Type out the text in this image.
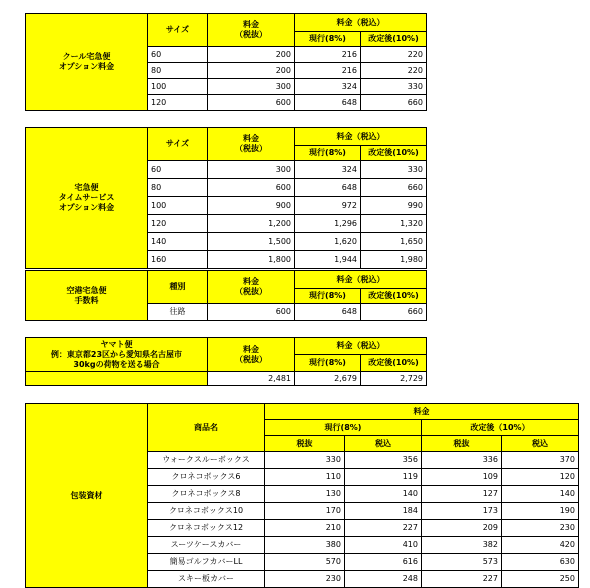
クール宅急便
オプション料金	サイズ	料金
（税抜）	料金（税込）	
			現行(8%)	改定後(10%)
	60	200	216	220
	80	200	216	220
	100	300	324	330
	120	600	648	660
宅急便
タイムサービス
オプション料金	サイズ	料金
（税抜）	料金（税込）	
			現行(8%)	改定後(10%)
	60	300	324	330
	80	600	648	660
	100	900	972	990
	120	1,200	1,296	1,320
	140	1,500	1,620	1,650
	160	1,800	1,944	1,980
空港宅急便
手数料	種別	料金
（税抜）	料金（税込）	
			現行(8%)	改定後(10%)
	往路	600	648	660
ヤマト便
例：東京都23区から愛知県名古屋市
30kgの荷物を送る場合	料金
（税抜）	料金（税込）	
		現行(8%)	改定後(10%)
	2,481	2,679	2,729
包装資材	商品名	料金			
		現行(8%)		改定後（10%）	
		税抜	税込	税抜	税込
	ウォークスルーボックス	330	356	336	370
	クロネコボックス6	110	119	109	120
	クロネコボックス8	130	140	127	140
	クロネコボックス10	170	184	173	190
	クロネコボックス12	210	227	209	230
	スーツケースカバー	380	410	382	420
	簡易ゴルフカバーLL	570	616	573	630
	スキー板カバー	230	248	227	250
